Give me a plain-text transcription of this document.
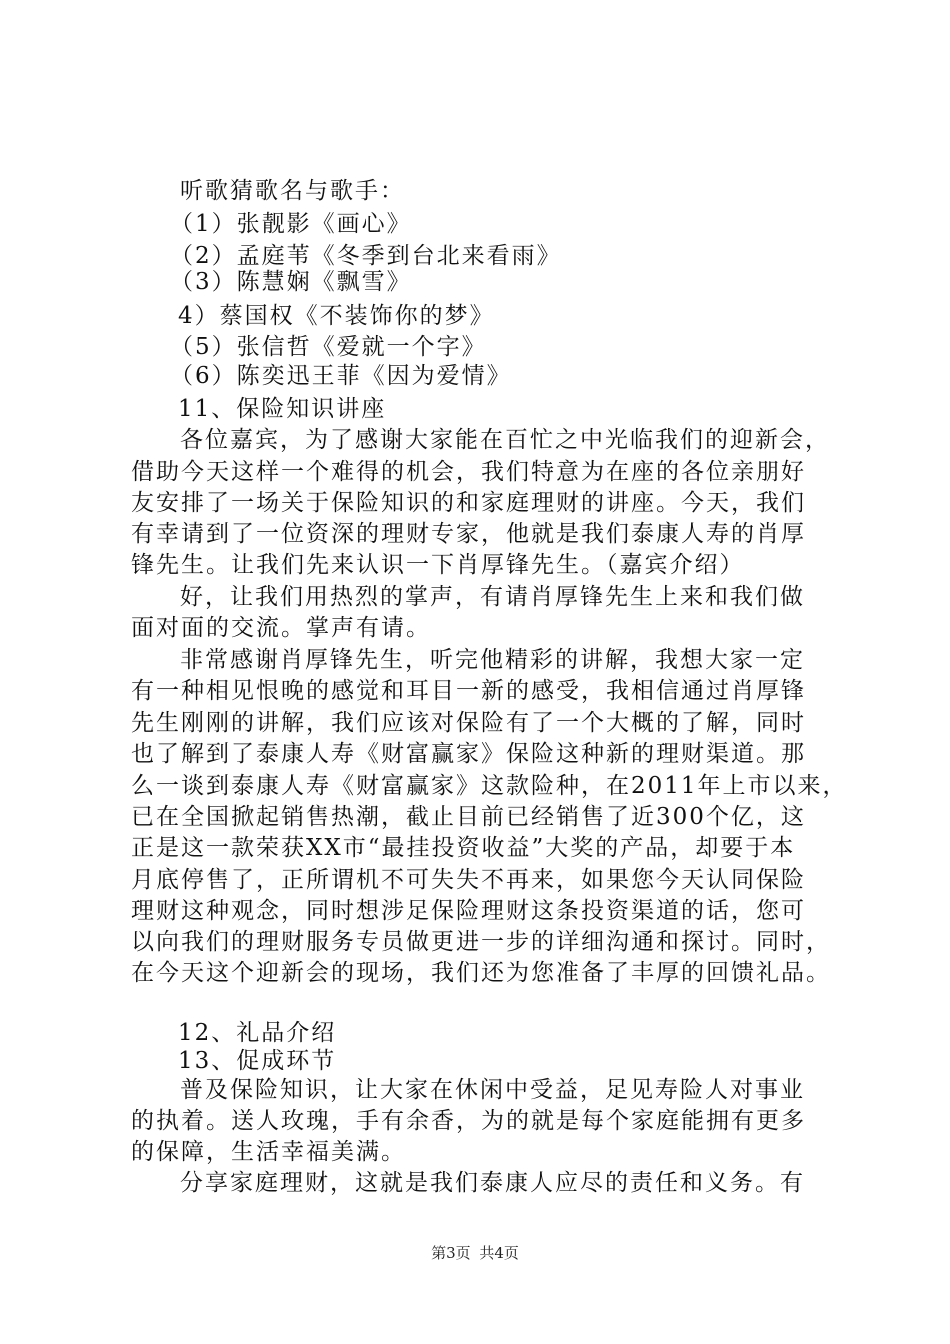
听歌猜歌名与歌手：
（1）张靓影《画心》
（2）孟庭苇《冬季到台北来看雨》
（3）陈慧娴《飘雪》
4）蔡国权《不装饰你的梦》
（5）张信哲《爱就一个字》
（6）陈奕迅王菲《因为爱情》
11、保险知识讲座
各位嘉宾，为了感谢大家能在百忙之中光临我们的迎新会，
借助今天这样一个难得的机会，我们特意为在座的各位亲朋好
友安排了一场关于保险知识的和家庭理财的讲座。今天，我们
有幸请到了一位资深的理财专家，他就是我们泰康人寿的肖厚
锋先生。让我们先来认识一下肖厚锋先生。（嘉宾介绍）
好，让我们用热烈的掌声，有请肖厚锋先生上来和我们做
面对面的交流。掌声有请。
非常感谢肖厚锋先生，听完他精彩的讲解，我想大家一定
有一种相见恨晚的感觉和耳目一新的感受，我相信通过肖厚锋
先生刚刚的讲解，我们应该对保险有了一个大概的了解，同时
也了解到了泰康人寿《财富赢家》保险这种新的理财渠道。那
么一谈到泰康人寿《财富赢家》这款险种，在2011年上市以来，
已在全国掀起销售热潮，截止目前已经销售了近300个亿，这
正是这一款荣获XX市“最挂投资收益”大奖的产品，却要于本
月底停售了，正所谓机不可失失不再来，如果您今天认同保险
理财这种观念，同时想涉足保险理财这条投资渠道的话，您可
以向我们的理财服务专员做更进一步的详细沟通和探讨。同时，
在今天这个迎新会的现场，我们还为您准备了丰厚的回馈礼品。
12、礼品介绍
13、促成环节
普及保险知识，让大家在休闲中受益，足见寿险人对事业
的执着。送人玫瑰，手有余香，为的就是每个家庭能拥有更多
的保障，生活幸福美满。
分享家庭理财，这就是我们泰康人应尽的责任和义务。有
第3页 共4页
